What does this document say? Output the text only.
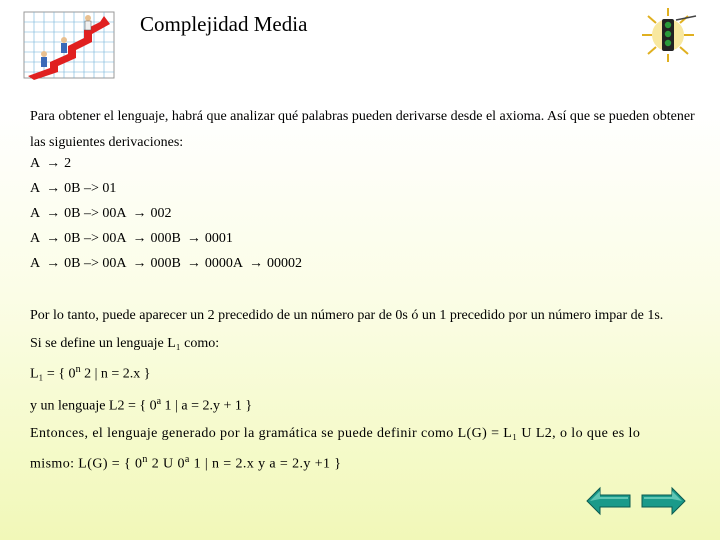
Complejidad Media
Para obtener el lenguaje, habrá que analizar qué palabras pueden derivarse desde el axioma. Así que se pueden obtener las siguientes derivaciones:
A → 2
A → 0B –> 01
A → 0B –> 00A → 002
A → 0B –> 00A → 000B → 0001
A → 0B –> 00A → 000B → 0000A → 00002
Por lo tanto, puede aparecer un 2 precedido de un número par de 0s ó un 1 precedido por un número impar de 1s.
Si se define un lenguaje L₁ como:
L₁ = { 0$^n$ 2 | n = 2.x }
y un lenguaje L2 = { 0$^a$ 1 | a = 2.y + 1 }
Entonces, el lenguaje generado por la gramática se puede definir como L(G) = L₁ U L2, o lo que es lo
mismo: L(G) = { 0$^n$ 2 U 0$^a$ 1 | n = 2.x y a = 2.y +1 }
